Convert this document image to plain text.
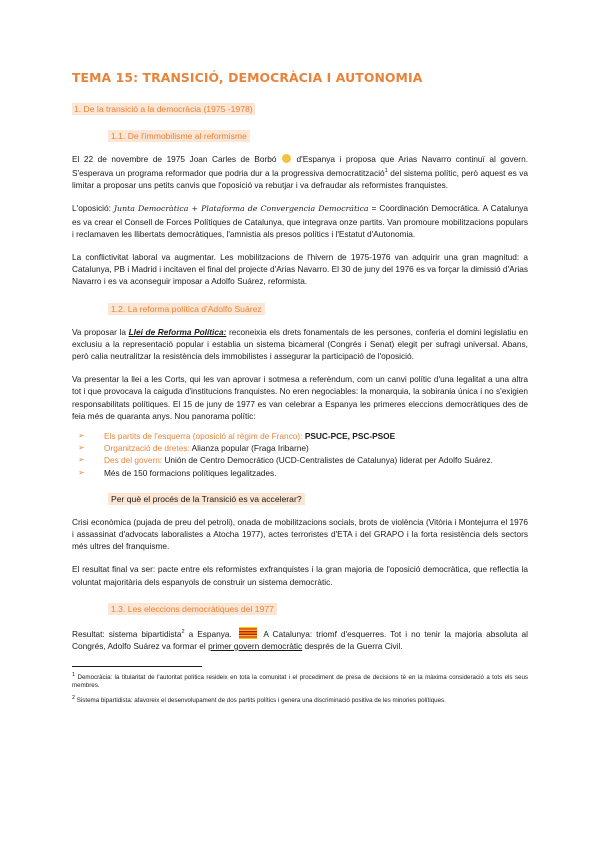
TEMA 15: TRANSICIÓ, DEMOCRÀCIA I AUTONOMIA
1. De la transició a la democràcia (1975 -1978)
1.1. De l'immobilisme al reformisme

El 22 de novembre de 1975 Joan Carles de Borbó d'Espanya i proposa que Arias Navarro continuï al govern. S'esperava un programa reformador que podria dur a la progressiva democratització$^1$ del sistema polític, però aquest es va limitar a proposar uns petits canvis que l'oposició va rebutjar i va defraudar als reformistes franquistes.

L'oposició: Junta Democràtica + Plataforma de Convergencia Democrática = Coordinación Democrática. A Catalunya es va crear el Consell de Forces Polítiques de Catalunya, que integrava onze partits. Van promoure mobilitzacions populars i reclamaven les llibertats democràtiques, l'amnistia als presos polítics i l'Estatut d'Autonomia.

La conflictivitat laboral va augmentar. Les mobilitzacions de l'hivern de 1975-1976 van adquirir una gran magnitud: a Catalunya, PB i Madrid i incitaven el final del projecte d'Arias Navarro. El 30 de juny del 1976 es va forçar la dimissió d'Arias Navarro i es va aconseguir imposar a Adolfo Suárez, reformista.

1.2. La reforma política d'Adolfo Suárez

Va proposar la Llei de Reforma Política: reconeixia els drets fonamentals de les persones, conferia el domini legislatiu en exclusiu a la representació popular i establia un sistema bicameral (Congrés i Senat) elegit per sufragi universal. Abans, però calia neutralitzar la resistència dels immobilistes i assegurar la participació de l'oposició.

Va presentar la llei a les Corts, qui les van aprovar i sotmesa a referèndum, com un canvi polític d'una legalitat a una altra tot i que provocava la caiguda d'institucions franquistes. No eren negociables: la monarquia, la sobirania única i no s'exigien responsabilitats polítiques. El 15 de juny de 1977 es van celebrar a Espanya les primeres eleccions democràtiques des de feia més de quaranta anys. Nou panorama polític:

➢ Els partits de l'esquerra (oposició al règim de Franco): PSUC-PCE, PSC-PSOE
➢ Organització de dretes: Alianza popular (Fraga Iribarne)
➢ Des del govern: Unión de Centro Democrático (UCD-Centralistes de Catalunya) liderat per Adolfo Suárez.
➢ Més de 150 formacions polítiques legalitzades.
Per què el procés de la Transició es va accelerar?

Crisi econòmica (pujada de preu del petroli), onada de mobilitzacions socials, brots de violència (Vitòria i Montejurra el 1976 i assassinat d'advocats laboralistes a Atocha 1977), actes terroristes d'ETA i del GRAPO i la forta resistència dels sectors més ultres del franquisme.

El resultat final va ser: pacte entre els reformistes exfranquistes i la gran majoria de l'oposició democràtica, que reflectia la voluntat majoritària dels espanyols de construir un sistema democràtic.

1.3. Les eleccions democràtiques del 1977

Resultat: sistema bipartidista$^2$ a Espanya.	A Catalunya: triomf d'esquerres. Tot i no tenir la majoria absoluta al Congrés, Adolfo Suárez va formar el primer govern democràtic després de la Guerra Civil.

$^1$ Democràcia: la titularitat de l'autoritat política resideix en tota la comunitat i el procediment de presa de decisions té en la màxima consideració a tots els seus membres.
$^2$ Sistema bipartidista: afavoreix el desenvolupament de dos partits polítics i genera una discriminació positiva de les minories polítiques.
